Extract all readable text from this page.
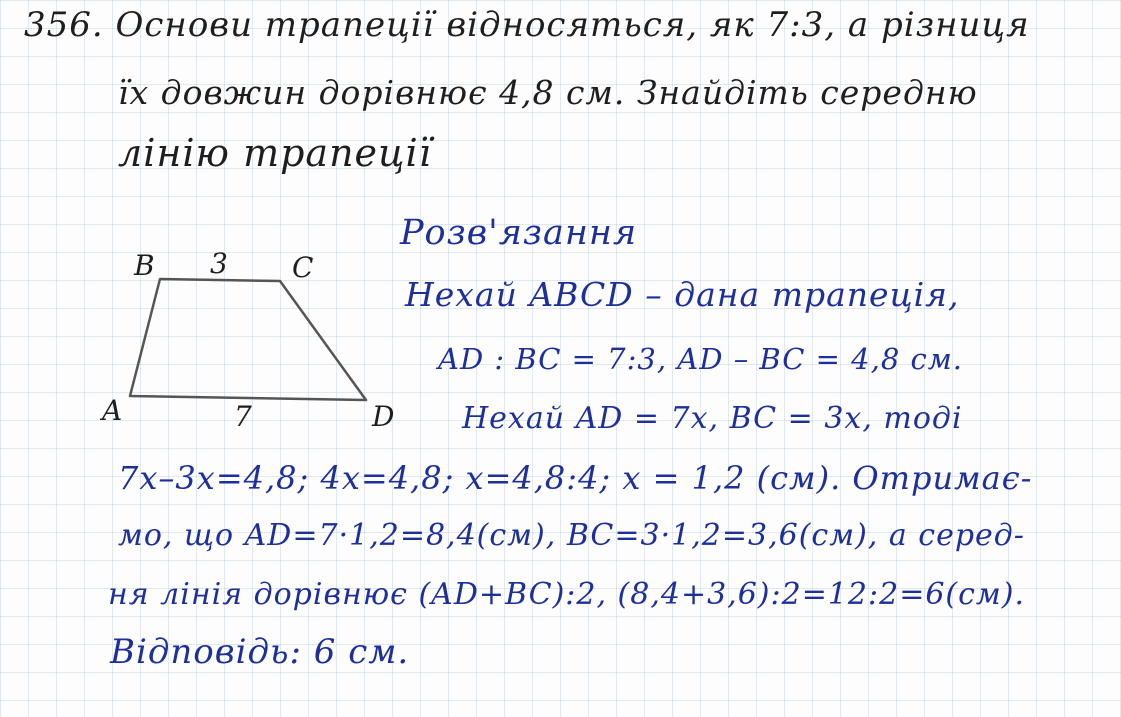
356. Основи трапеції відносяться, як 7:3, а різниця

їх довжин дорівнює 4,8 см. Знайдіть середню

лінію трапеції

B 3 C
A	7	D

Розв'язання

Нехай ABCD – дана трапеція,

AD : BC = 7:3, AD – BC = 4,8 см.

Нехай AD = 7x, BC = 3x, тоді

7x–3x=4,8; 4x=4,8; x=4,8:4; x = 1,2 (см). Отримає-

мо, що AD=7·1,2=8,4(см), BC=3·1,2=3,6(см), а серед-

ня лінія дорівнює (AD+BC):2, (8,4+3,6):2=12:2=6(см).

Відповідь: 6 см.
